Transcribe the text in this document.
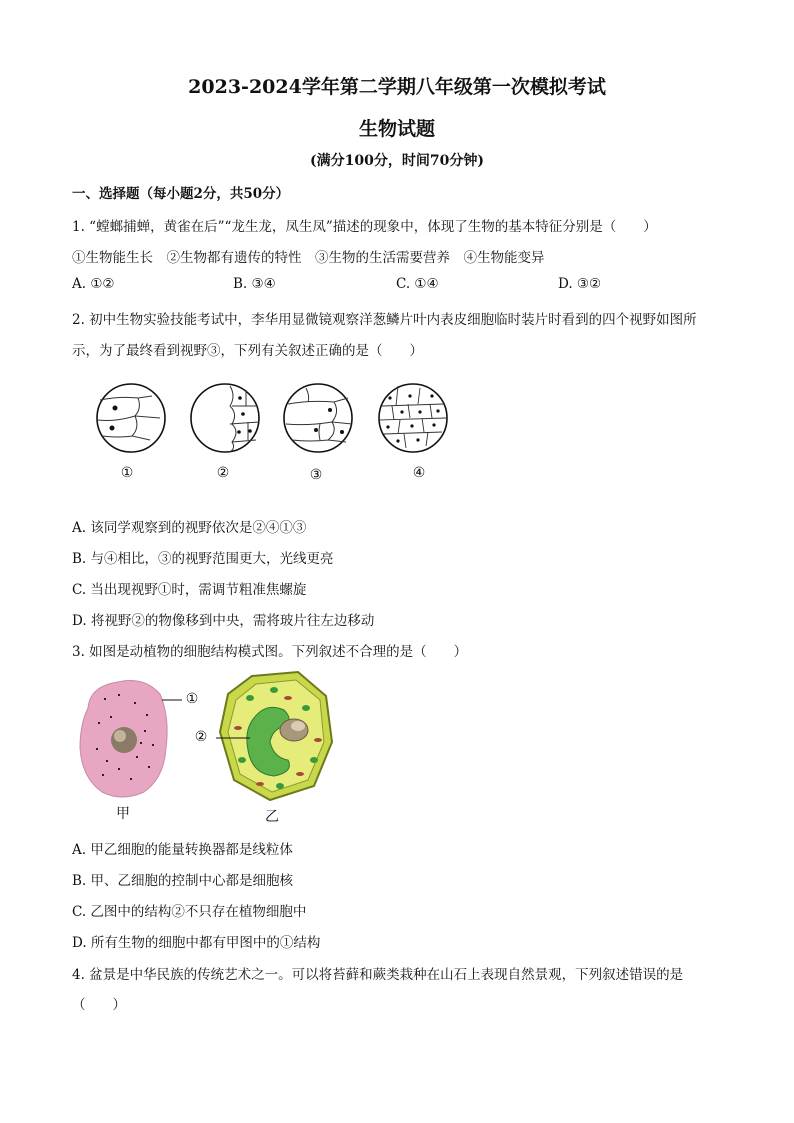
2023-2024学年第二学期八年级第一次模拟考试
生物试题
(满分100分，时间70分钟)
一、选择题（每小题2分，共50分）
1. “螳螂捕蝉，黄雀在后”“龙生龙，凤生凤”描述的现象中，体现了生物的基本特征分别是（　　）
①生物能生长　②生物都有遗传的特性　③生物的生活需要营养　④生物能变异
A. ①②	B. ③④	C. ①④	D. ③②
2. 初中生物实验技能考试中，李华用显微镜观察洋葱鳞片叶内表皮细胞临时装片时看到的四个视野如图所
示，为了最终看到视野③，下列有关叙述正确的是（　　）
①	②	③	④
A. 该同学观察到的视野依次是②④①③
B. 与④相比，③的视野范围更大，光线更亮
C. 当出现视野①时，需调节粗准焦螺旋
D. 将视野②的物像移到中央，需将玻片往左边移动
3. 如图是动植物的细胞结构模式图。下列叙述不合理的是（　　）
①
②
甲	乙
A. 甲乙细胞的能量转换器都是线粒体
B. 甲、乙细胞的控制中心都是细胞核
C. 乙图中的结构②不只存在植物细胞中
D. 所有生物的细胞中都有甲图中的①结构
4. 盆景是中华民族的传统艺术之一。可以将苔藓和蕨类栽种在山石上表现自然景观，下列叙述错误的是
（　　）
